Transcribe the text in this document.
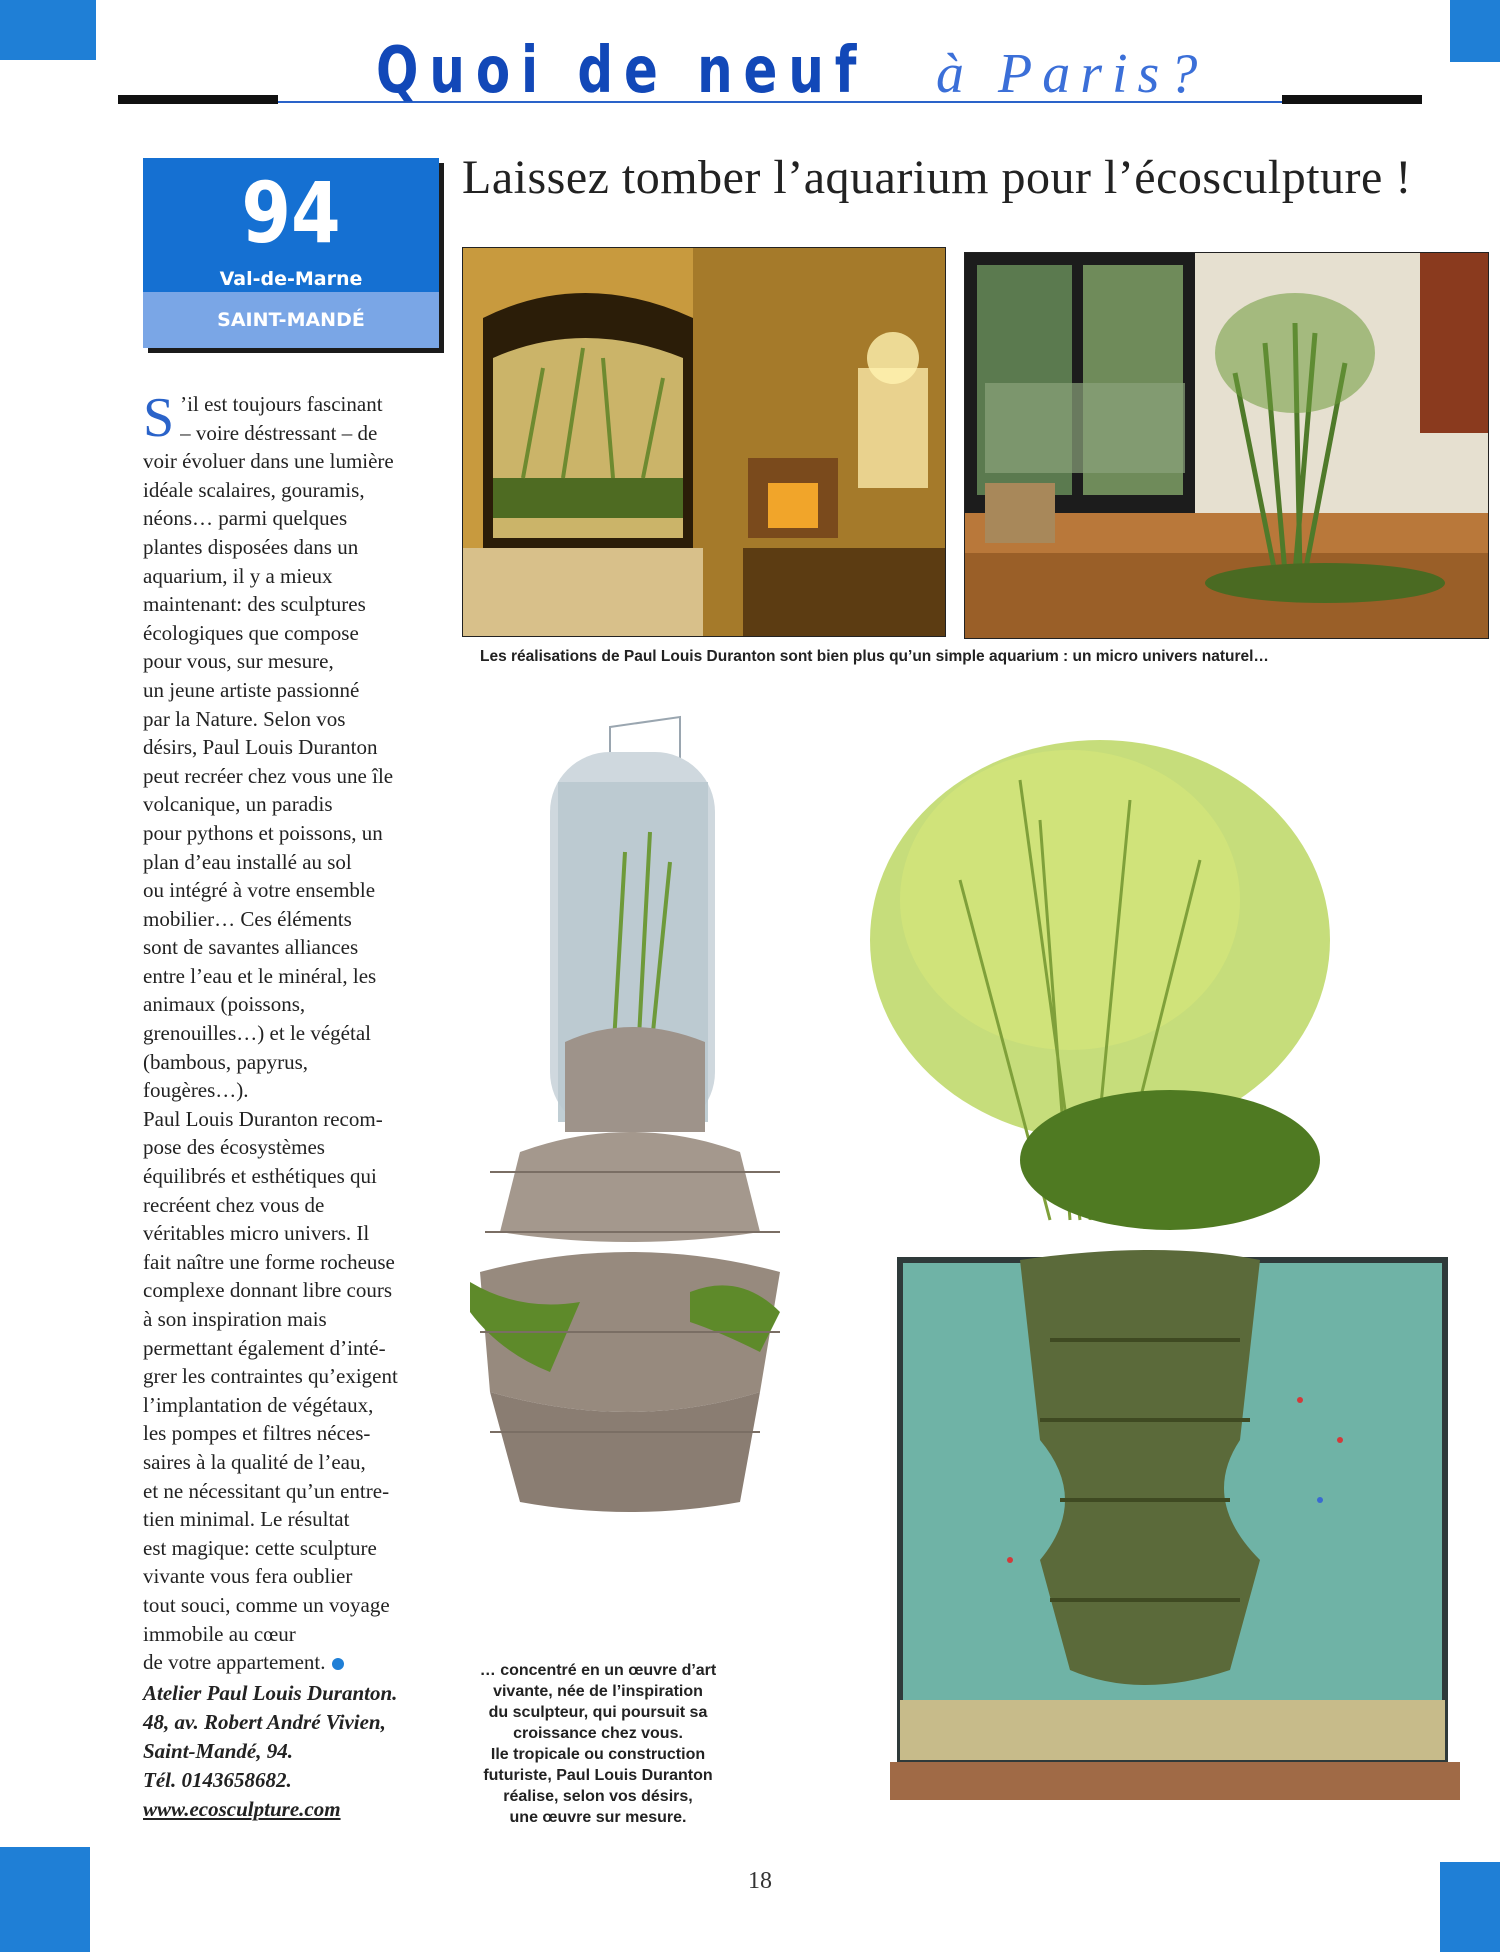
Quoi de neuf à Paris?
94
Val-de-Marne
SAINT-MANDÉ
Laissez tomber l’aquarium pour l’écosculpture !
Les réalisations de Paul Louis Duranton sont bien plus qu’un simple aquarium : un micro univers naturel…
… concentré en un œuvre d’art
vivante, née de l’inspiration
du sculpteur, qui poursuit sa
croissance chez vous.
Ile tropicale ou construction
futuriste, Paul Louis Duranton
réalise, selon vos désirs,
une œuvre sur mesure.
S ’il est toujours fascinant
– voire déstressant – de
voir évoluer dans une lumière
idéale scalaires, gouramis,
néons… parmi quelques
plantes disposées dans un
aquarium, il y a mieux
maintenant: des sculptures
écologiques que compose
pour vous, sur mesure,
un jeune artiste passionné
par la Nature. Selon vos
désirs, Paul Louis Duranton
peut recréer chez vous une île
volcanique, un paradis
pour pythons et poissons, un
plan d’eau installé au sol
ou intégré à votre ensemble
mobilier… Ces éléments
sont de savantes alliances
entre l’eau et le minéral, les
animaux (poissons,
grenouilles…) et le végétal
(bambous, papyrus,
fougères…).
Paul Louis Duranton recom-
pose des écosystèmes
équilibrés et esthétiques qui
recréent chez vous de
véritables micro univers. Il
fait naître une forme rocheuse
complexe donnant libre cours
à son inspiration mais
permettant également d’inté-
grer les contraintes qu’exigent
l’implantation de végétaux,
les pompes et filtres néces-
saires à la qualité de l’eau,
et ne nécessitant qu’un entre-
tien minimal. Le résultat
est magique: cette sculpture
vivante vous fera oublier
tout souci, comme un voyage
immobile au cœur
de votre appartement.
Atelier Paul Louis Duranton.
48, av. Robert André Vivien,
Saint-Mandé, 94.
Tél. 0143658682.
www.ecosculpture.com
18
